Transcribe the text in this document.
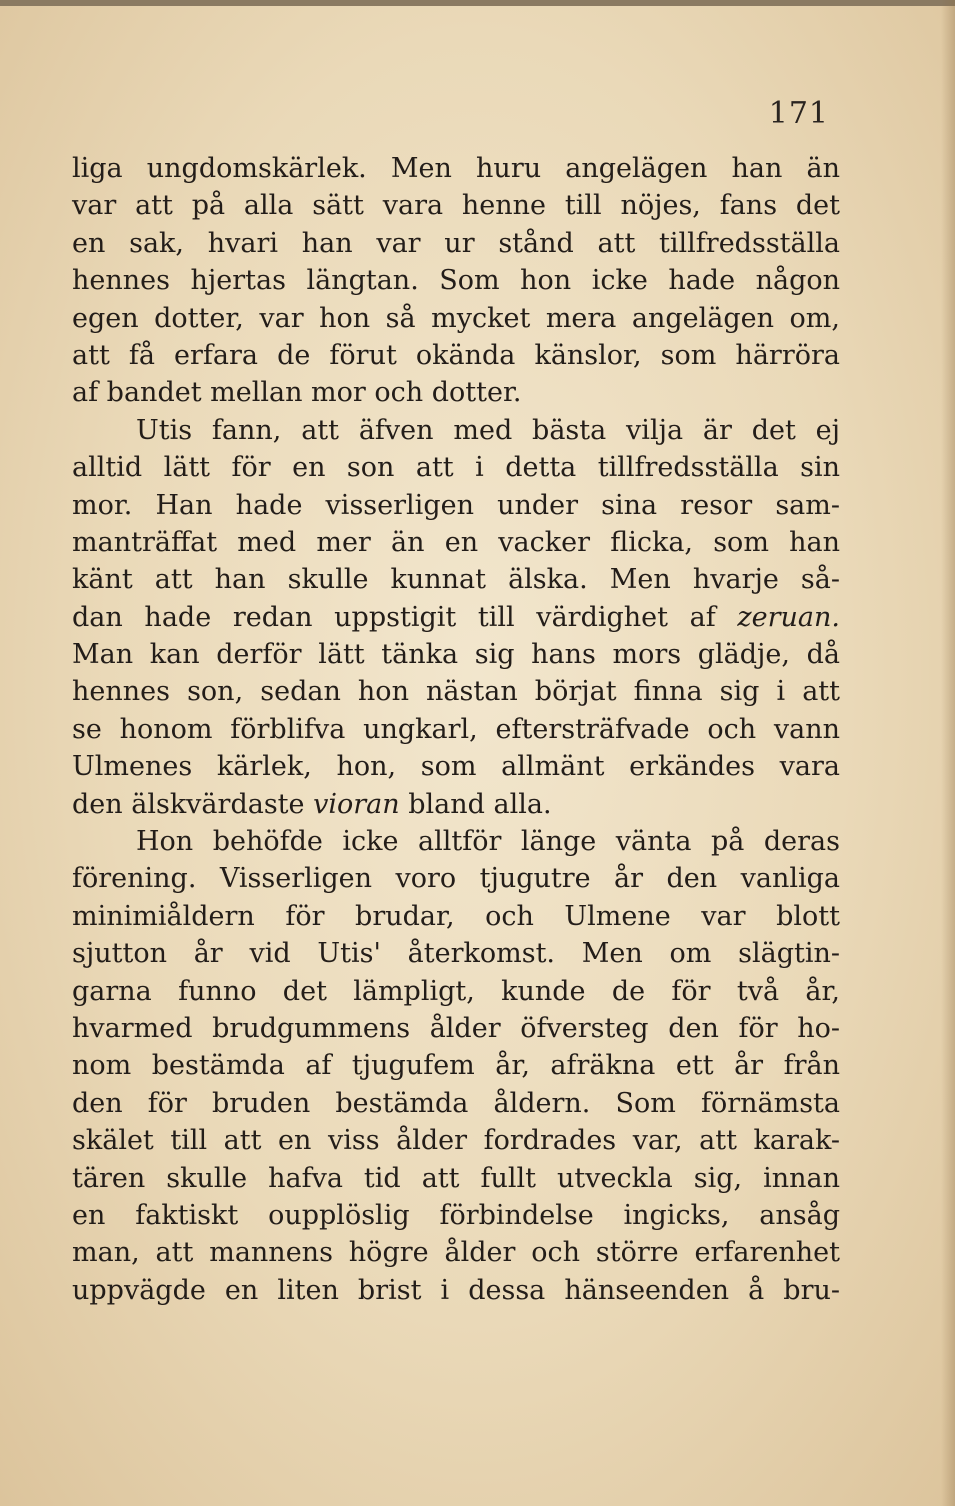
171
liga ungdomskärlek. Men huru angelägen han än
var att på alla sätt vara henne till nöjes, fans det
en sak, hvari han var ur stånd att tillfredsställa
hennes hjertas längtan. Som hon icke hade någon
egen dotter, var hon så mycket mera angelägen om,
att få erfara de förut okända känslor, som härröra
af bandet mellan mor och dotter.
Utis fann, att äfven med bästa vilja är det ej
alltid lätt för en son att i detta tillfredsställa sin
mor. Han hade visserligen under sina resor sam-
manträffat med mer än en vacker flicka, som han
känt att han skulle kunnat älska. Men hvarje så-
dan hade redan uppstigit till värdighet af zeruan.
Man kan derför lätt tänka sig hans mors glädje, då
hennes son, sedan hon nästan börjat finna sig i att
se honom förblifva ungkarl, eftersträfvade och vann
Ulmenes kärlek, hon, som allmänt erkändes vara
den älskvärdaste vioran bland alla.
Hon behöfde icke alltför länge vänta på deras
förening. Visserligen voro tjugutre år den vanliga
minimiåldern för brudar, och Ulmene var blott
sjutton år vid Utis' återkomst. Men om slägtin-
garna funno det lämpligt, kunde de för två år,
hvarmed brudgummens ålder öfversteg den för ho-
nom bestämda af tjugufem år, afräkna ett år från
den för bruden bestämda åldern. Som förnämsta
skälet till att en viss ålder fordrades var, att karak-
tären skulle hafva tid att fullt utveckla sig, innan
en faktiskt oupplöslig förbindelse ingicks, ansåg
man, att mannens högre ålder och större erfarenhet
uppvägde en liten brist i dessa hänseenden å bru-
